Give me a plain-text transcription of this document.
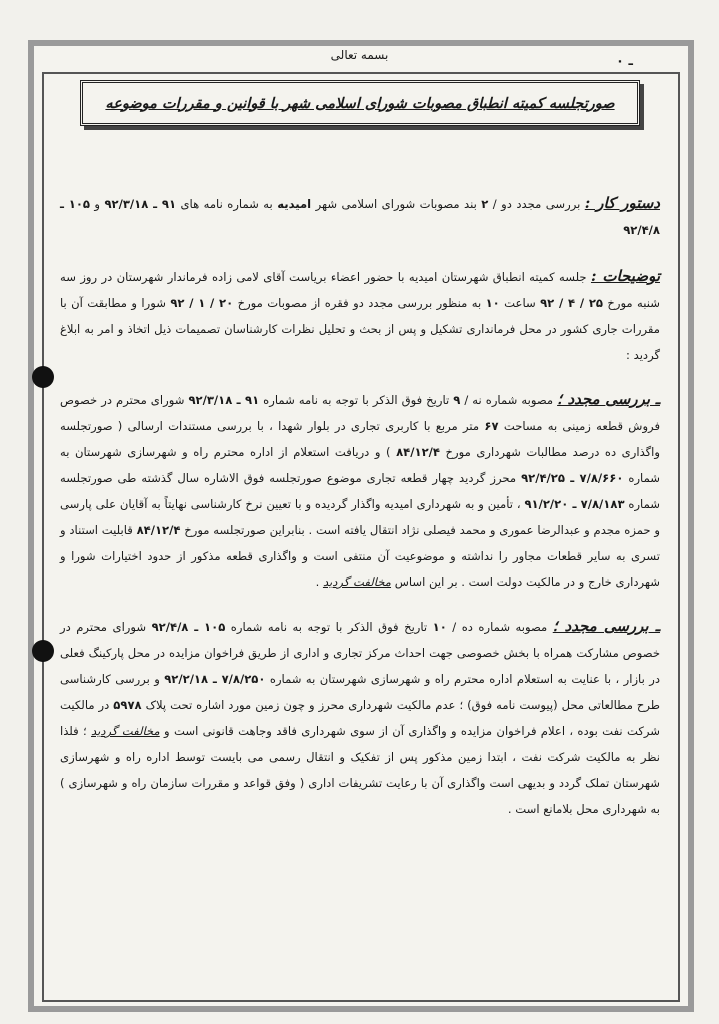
۰ ـ
بسمه تعالی
صورتجلسه کمیته انطباق مصوبات شورای اسلامی شهر با قوانین و مقررات موضوعه

دستور کار : بررسی مجدد دو / ۲ بند مصوبات شورای اسلامی شهر امیدیه به شماره نامه های ۹۱ ـ ۹۲/۳/۱۸ و ۱۰۵ ـ ۹۲/۴/۸

توضیحات : جلسه کمیته انطباق شهرستان امیدیه با حضور اعضاء بریاست آقای لامی زاده فرماندار شهرستان در روز سه شنبه مورخ ۲۵ / ۴ / ۹۲ ساعت ۱۰ به منظور بررسی مجدد دو فقره از مصوبات مورخ ۲۰ / ۱ / ۹۲ شورا و مطابقت آن با مقررات جاری کشور در محل فرمانداری تشکیل و پس از بحث و تحلیل نظرات کارشناسان تصمیمات ذیل اتخاذ و امر به ابلاغ گردید :

ـ بررسی مجدد ؛ مصوبه شماره نه / ۹ تاریخ فوق الذکر با توجه به نامه شماره ۹۱ ـ ۹۲/۳/۱۸ شورای محترم در خصوص فروش قطعه زمینی به مساحت ۶۷ متر مربع با کاربری تجاری در بلوار شهدا ، با بررسی مستندات ارسالی ( صورتجلسه واگذاری ده درصد مطالبات شهرداری مورخ ۸۴/۱۲/۴ ) و دریافت استعلام از اداره محترم راه و شهرسازی شهرستان به شماره ۷/۸/۶۶۰ ـ ۹۲/۴/۲۵ محرز گردید چهار قطعه تجاری موضوع صورتجلسه فوق الاشاره سال گذشته طی صورتجلسه شماره ۷/۸/۱۸۳ ـ ۹۱/۲/۲۰ ، تأمین و به شهرداری امیدیه واگذار گردیده و با تعیین نرخ کارشناسی نهایتاً به آقایان علی پارسی و حمزه مجدم و عبدالرضا عموری و محمد فیصلی نژاد انتقال یافته است . بنابراین صورتجلسه مورخ ۸۴/۱۲/۴ قابلیت استناد و تسری به سایر قطعات مجاور را نداشته و موضوعیت آن منتفی است و واگذاری قطعه مذکور از حدود اختیارات شورا و شهرداری خارج و در مالکیت دولت است . بر این اساس مخالفت گردید .

ـ بررسی مجدد ؛ مصوبه شماره ده / ۱۰ تاریخ فوق الذکر با توجه به نامه شماره ۱۰۵ ـ ۹۲/۴/۸ شورای محترم در خصوص مشارکت همراه با بخش خصوصی جهت احداث مرکز تجاری و اداری از طریق فراخوان مزایده در محل پارکینگ فعلی در بازار ، با عنایت به استعلام اداره محترم راه و شهرسازی شهرستان به شماره ۷/۸/۲۵۰ ـ ۹۲/۲/۱۸ و بررسی کارشناسی طرح مطالعاتی محل (پیوست نامه فوق) ؛ عدم مالکیت شهرداری محرز و چون زمین مورد اشاره تحت پلاک ۵۹۷۸ در مالکیت شرکت نفت بوده ، اعلام فراخوان مزایده و واگذاری آن از سوی شهرداری فاقد وجاهت قانونی است و مخالفت گردید ؛ فلذا نظر به مالکیت شرکت نفت ، ابتدا زمین مذکور پس از تفکیک و انتقال رسمی می بایست توسط اداره راه و شهرسازی شهرستان تملک گردد و بدیهی است واگذاری آن با رعایت تشریفات اداری ( وفق قواعد و مقررات سازمان راه و شهرسازی ) به شهرداری محل بلامانع است .
